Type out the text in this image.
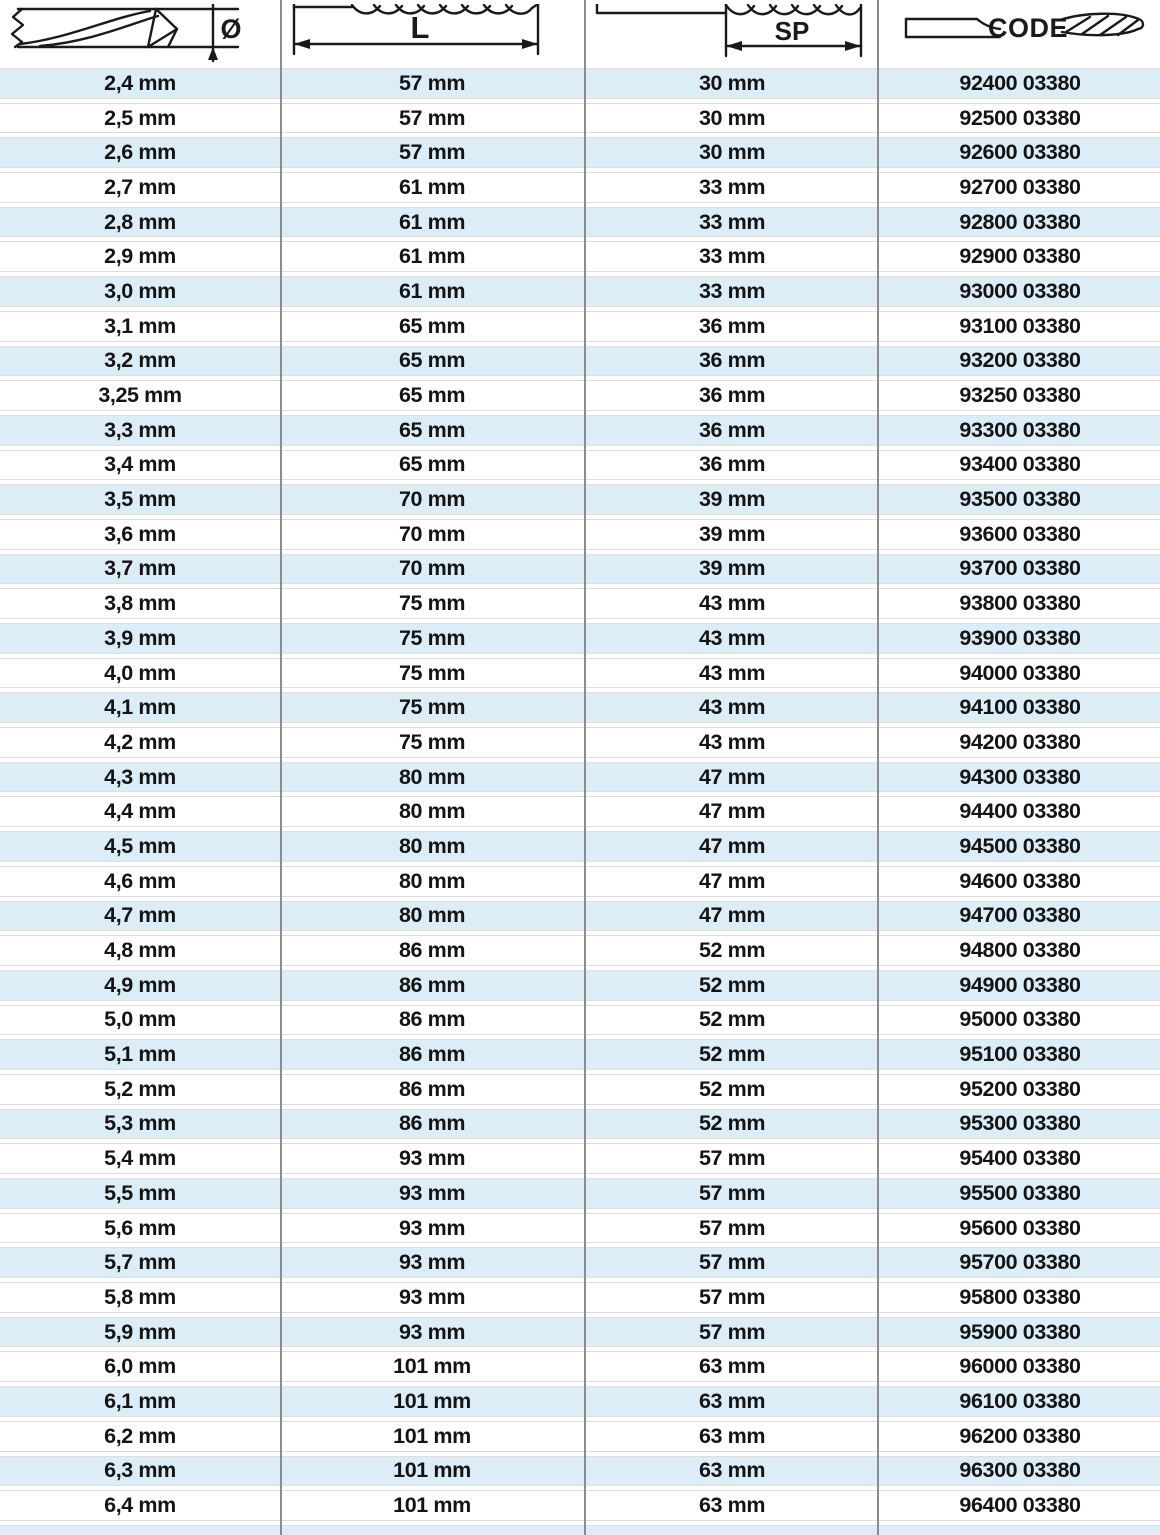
Ø	L	SP	CODE

2,4 mm	57 mm	30 mm	92400 03380
2,5 mm	57 mm	30 mm	92500 03380
2,6 mm	57 mm	30 mm	92600 03380
2,7 mm	61 mm	33 mm	92700 03380
2,8 mm	61 mm	33 mm	92800 03380
2,9 mm	61 mm	33 mm	92900 03380
3,0 mm	61 mm	33 mm	93000 03380
3,1 mm	65 mm	36 mm	93100 03380
3,2 mm	65 mm	36 mm	93200 03380
3,25 mm	65 mm	36 mm	93250 03380
3,3 mm	65 mm	36 mm	93300 03380
3,4 mm	65 mm	36 mm	93400 03380
3,5 mm	70 mm	39 mm	93500 03380
3,6 mm	70 mm	39 mm	93600 03380
3,7 mm	70 mm	39 mm	93700 03380
3,8 mm	75 mm	43 mm	93800 03380
3,9 mm	75 mm	43 mm	93900 03380
4,0 mm	75 mm	43 mm	94000 03380
4,1 mm	75 mm	43 mm	94100 03380
4,2 mm	75 mm	43 mm	94200 03380
4,3 mm	80 mm	47 mm	94300 03380
4,4 mm	80 mm	47 mm	94400 03380
4,5 mm	80 mm	47 mm	94500 03380
4,6 mm	80 mm	47 mm	94600 03380
4,7 mm	80 mm	47 mm	94700 03380
4,8 mm	86 mm	52 mm	94800 03380
4,9 mm	86 mm	52 mm	94900 03380
5,0 mm	86 mm	52 mm	95000 03380
5,1 mm	86 mm	52 mm	95100 03380
5,2 mm	86 mm	52 mm	95200 03380
5,3 mm	86 mm	52 mm	95300 03380
5,4 mm	93 mm	57 mm	95400 03380
5,5 mm	93 mm	57 mm	95500 03380
5,6 mm	93 mm	57 mm	95600 03380
5,7 mm	93 mm	57 mm	95700 03380
5,8 mm	93 mm	57 mm	95800 03380
5,9 mm	93 mm	57 mm	95900 03380
6,0 mm	101 mm	63 mm	96000 03380
6,1 mm	101 mm	63 mm	96100 03380
6,2 mm	101 mm	63 mm	96200 03380
6,3 mm	101 mm	63 mm	96300 03380
6,4 mm	101 mm	63 mm	96400 03380
